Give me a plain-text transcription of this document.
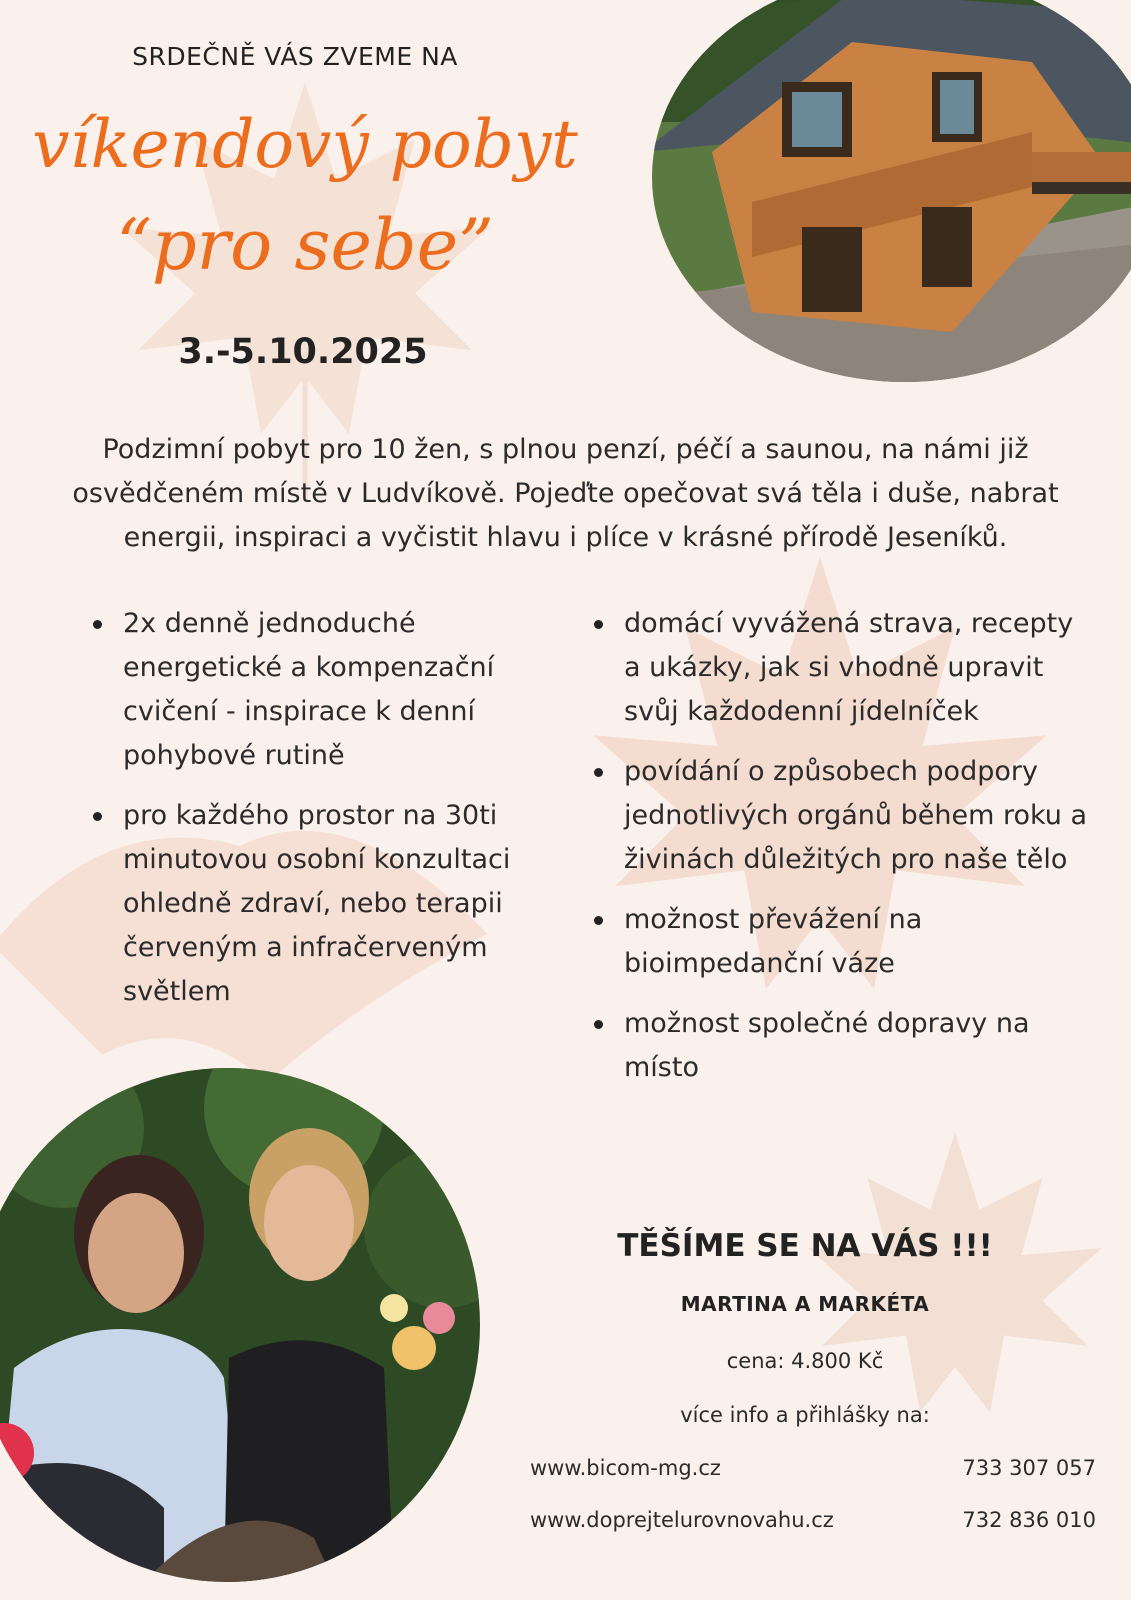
SRDEČNĚ VÁS ZVEME NA
víkendový pobyt
“pro sebe”
3.-5.10.2025
Podzimní pobyt pro 10 žen, s plnou penzí, péčí a saunou, na námi již osvědčeném místě v Ludvíkově. Pojeďte opečovat svá těla i duše, nabrat energii, inspiraci a vyčistit hlavu i plíce v krásné přírodě Jeseníků.
2x denně jednoduché energetické a kompenzační cvičení - inspirace k denní pohybové rutině
pro každého prostor na 30ti minutovou osobní konzultaci ohledně zdraví, nebo terapii červeným a infračerveným světlem
domácí vyvážená strava, recepty a ukázky, jak si vhodně upravit svůj každodenní jídelníček
povídání o způsobech podpory jednotlivých orgánů během roku a živinách důležitých pro naše tělo
možnost převážení na bioimpedanční váze
možnost společné dopravy na místo
TĚŠÍME SE NA VÁS !!!
MARTINA A MARKÉTA
cena: 4.800 Kč
více info a přihlášky na:
www.bicom-mg.cz	733 307 057
www.doprejtelurovnovahu.cz	732 836 010
